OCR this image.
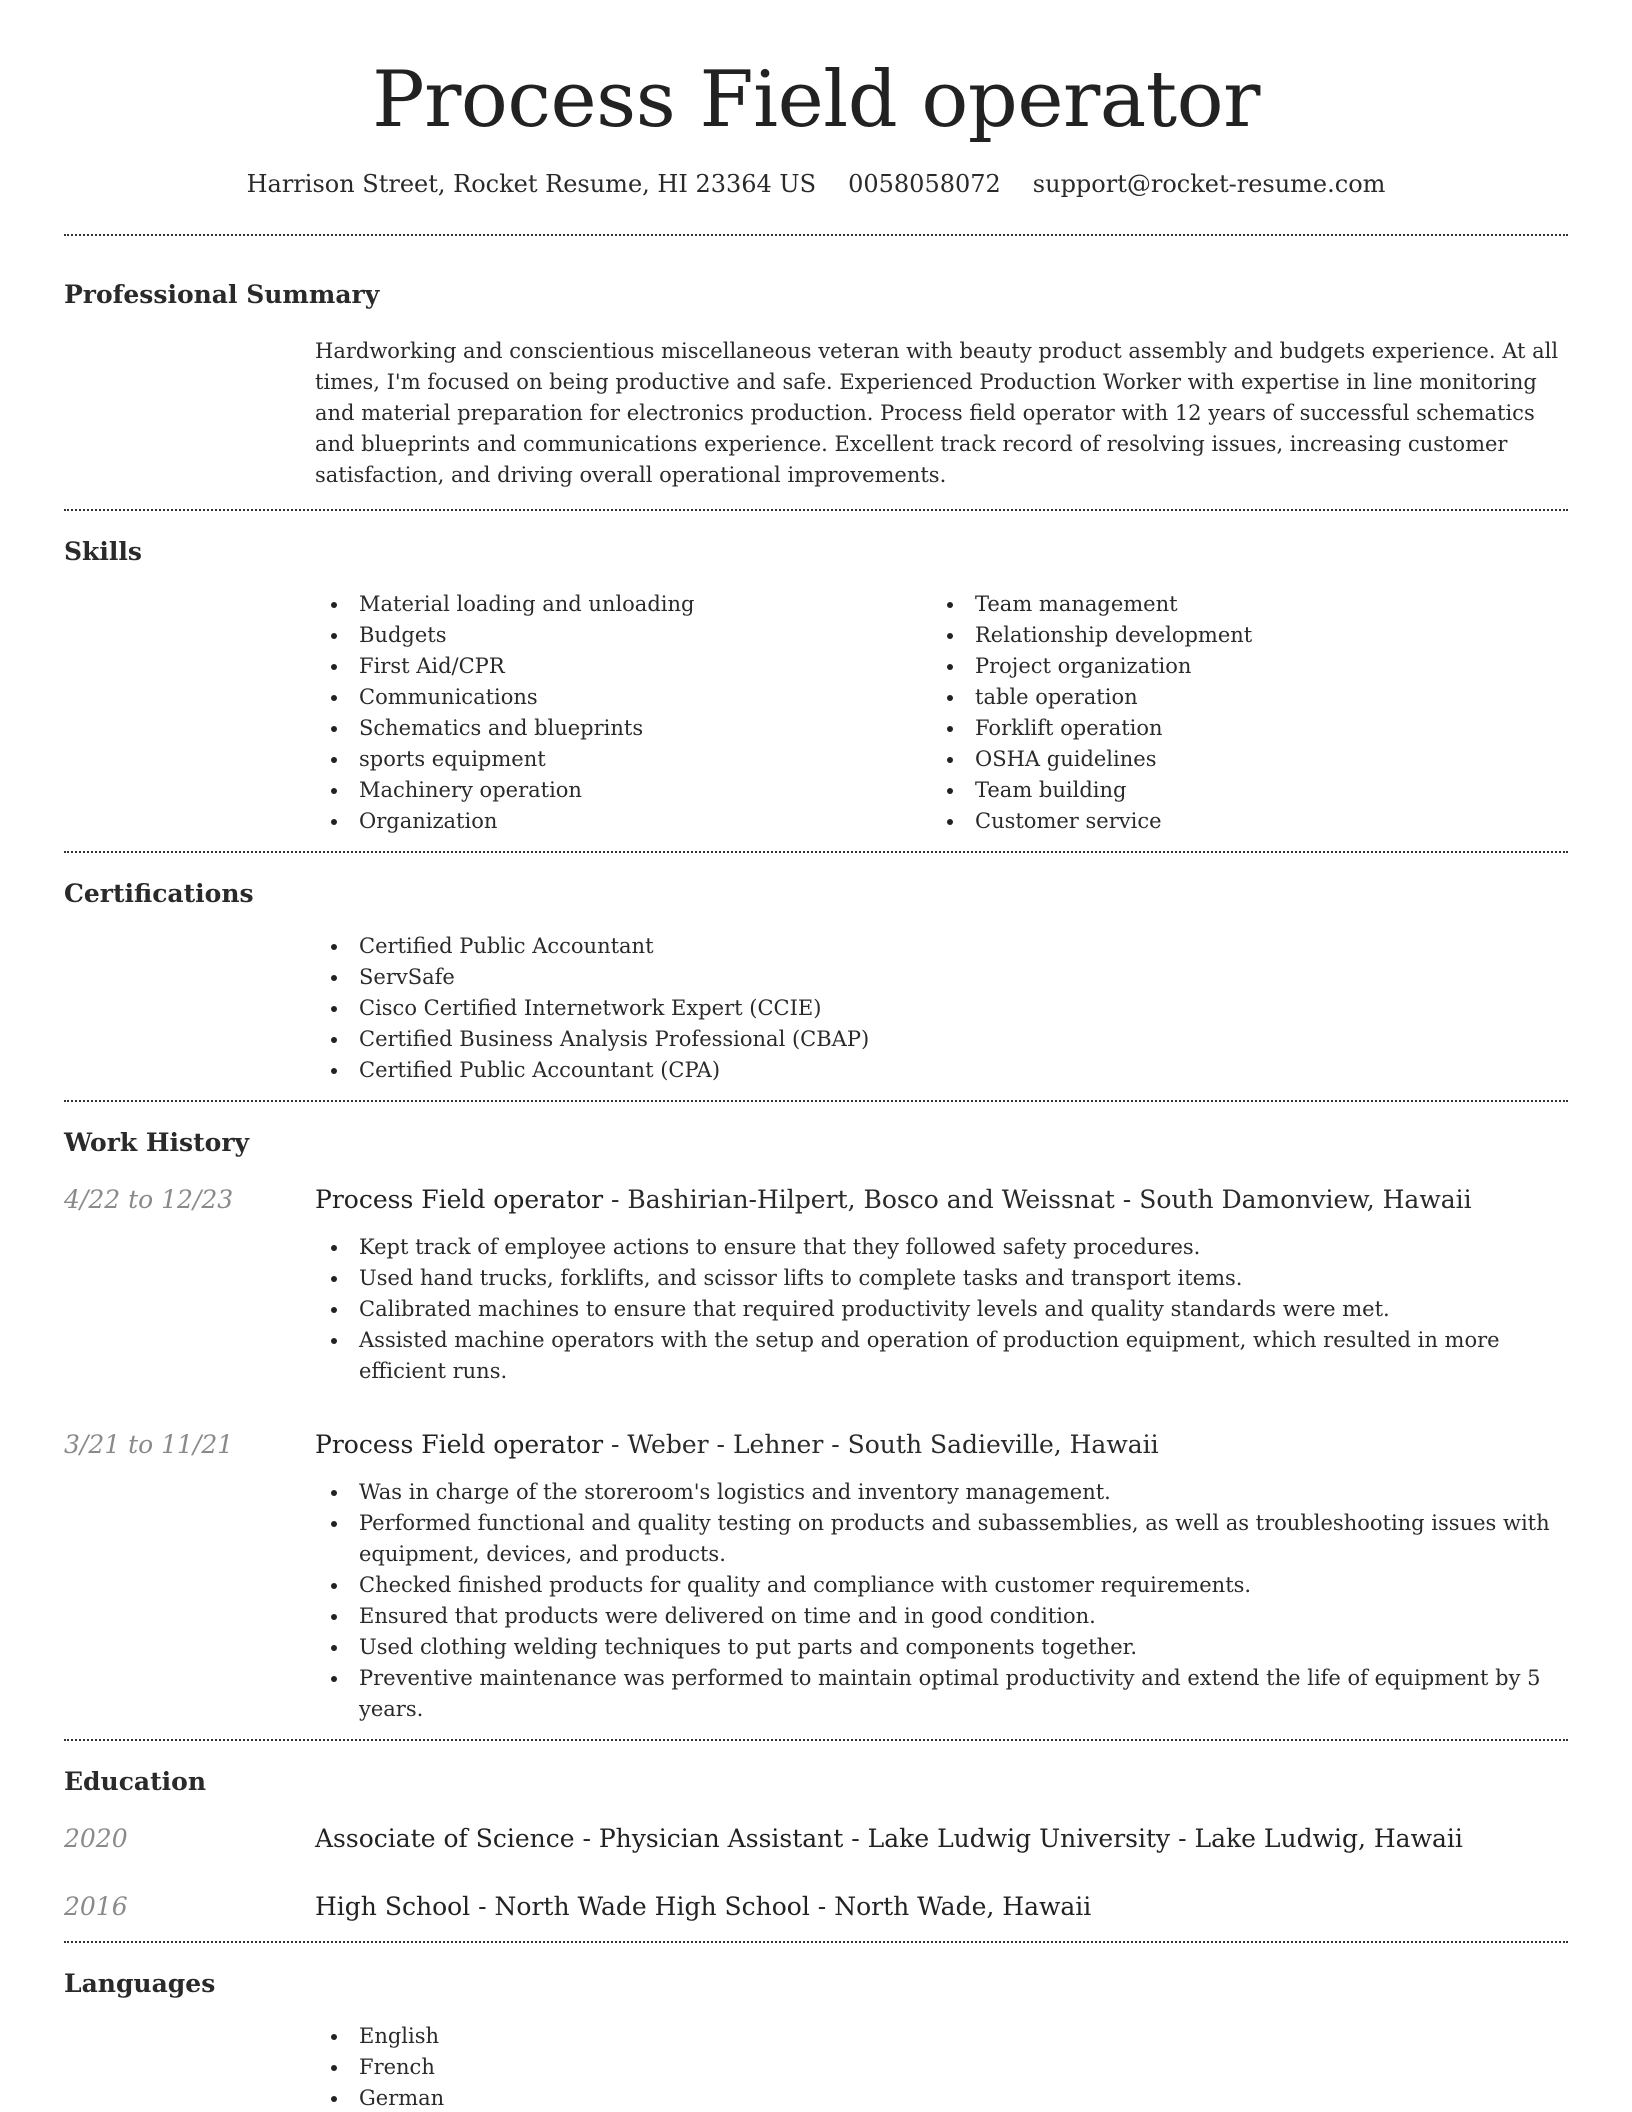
Process Field operator
Harrison Street, Rocket Resume, HI 23364 US 0058058072 support@rocket-resume.com
Professional Summary

Hardworking and conscientious miscellaneous veteran with beauty product assembly and budgets experience. At all times, I'm focused on being productive and safe. Experienced Production Worker with expertise in line monitoring and material preparation for electronics production. Process field operator with 12 years of successful schematics and blueprints and communications experience. Excellent track record of resolving issues, increasing customer satisfaction, and driving overall operational improvements.

Skills
Material loading and unloading
Budgets
First Aid/CPR
Communications
Schematics and blueprints
sports equipment
Machinery operation
Organization
Team management
Relationship development
Project organization
table operation
Forklift operation
OSHA guidelines
Team building
Customer service
Certifications
Certified Public Accountant
ServSafe
Cisco Certified Internetwork Expert (CCIE)
Certified Business Analysis Professional (CBAP)
Certified Public Accountant (CPA)
Work History
4/22 to 12/23	Process Field operator - Bashirian-Hilpert, Bosco and Weissnat - South Damonview, Hawaii
Kept track of employee actions to ensure that they followed safety procedures.
Used hand trucks, forklifts, and scissor lifts to complete tasks and transport items.
Calibrated machines to ensure that required productivity levels and quality standards were met.
Assisted machine operators with the setup and operation of production equipment, which resulted in more efficient runs.
3/21 to 11/21	Process Field operator - Weber - Lehner - South Sadieville, Hawaii
Was in charge of the storeroom's logistics and inventory management.
Performed functional and quality testing on products and subassemblies, as well as troubleshooting issues with equipment, devices, and products.
Checked finished products for quality and compliance with customer requirements.
Ensured that products were delivered on time and in good condition.
Used clothing welding techniques to put parts and components together.
Preventive maintenance was performed to maintain optimal productivity and extend the life of equipment by 5 years.
Education
2020	Associate of Science - Physician Assistant - Lake Ludwig University - Lake Ludwig, Hawaii
2016	High School - North Wade High School - North Wade, Hawaii
Languages
English
French
German
